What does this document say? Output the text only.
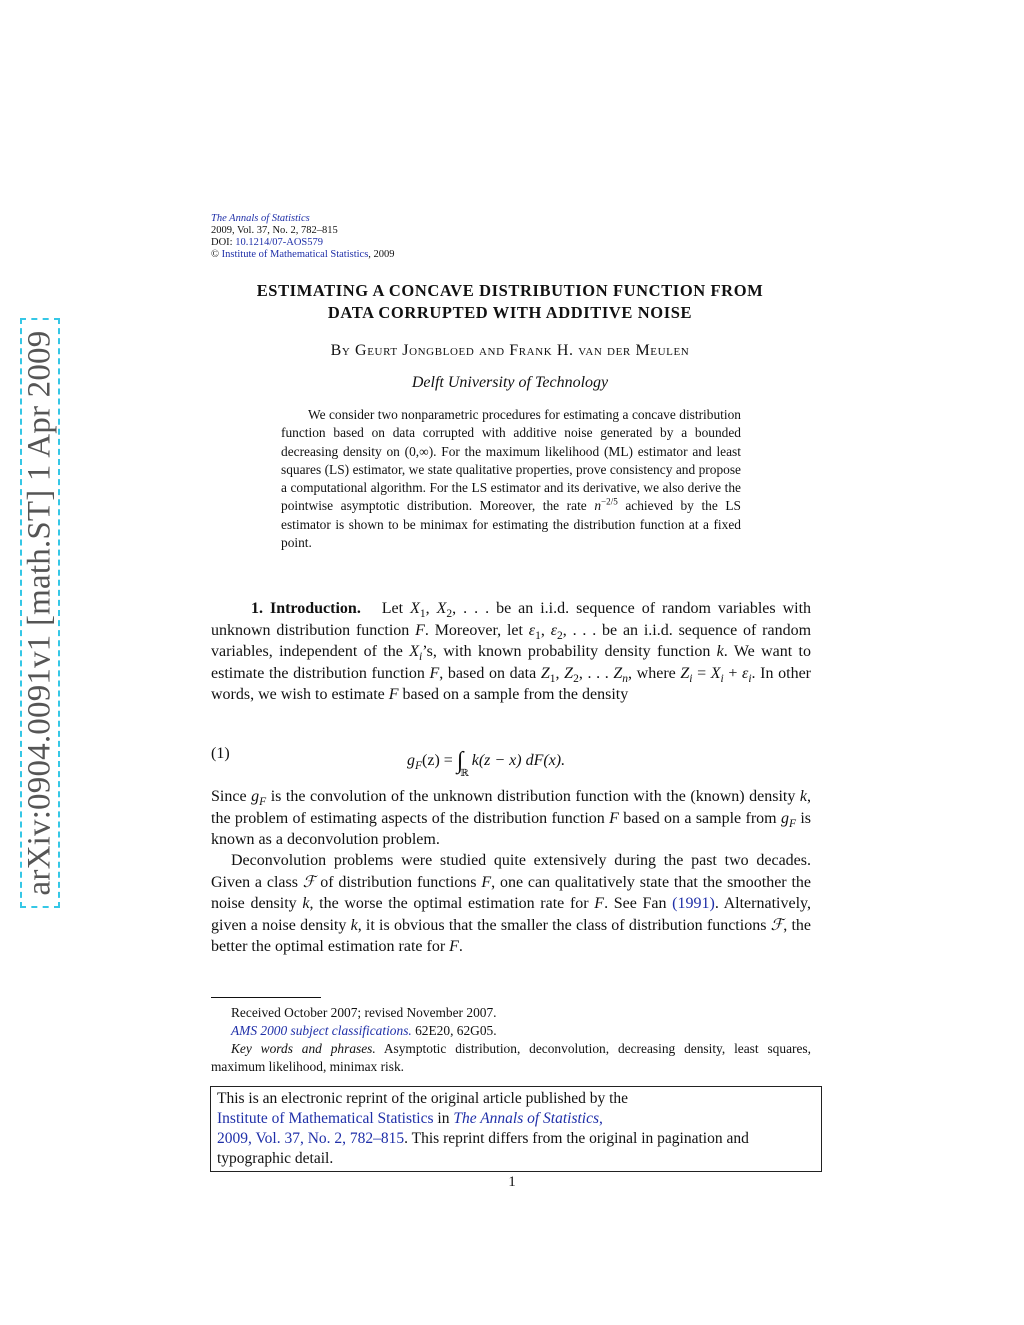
arXiv:0904.0091v1 [math.ST] 1 Apr 2009
The Annals of Statistics
2009, Vol. 37, No. 2, 782–815
DOI: 10.1214/07-AOS579
© Institute of Mathematical Statistics, 2009
ESTIMATING A CONCAVE DISTRIBUTION FUNCTION FROM
DATA CORRUPTED WITH ADDITIVE NOISE
By Geurt Jongbloed and Frank H. van der Meulen
Delft University of Technology
We consider two nonparametric procedures for estimating a concave distribution function based on data corrupted with additive noise generated by a bounded decreasing density on (0,∞). For the maximum likelihood (ML) estimator and least squares (LS) estimator, we state qualitative properties, prove consistency and propose a computational algorithm. For the LS estimator and its derivative, we also derive the pointwise asymptotic distribution. Moreover, the rate $n^{-2/5}$ achieved by the LS estimator is shown to be minimax for estimating the distribution function at a fixed point.
1. Introduction. Let $X_1$, $X_2$, . . . be an i.i.d. sequence of random variables with unknown distribution function F. Moreover, let $\varepsilon_1$, $\varepsilon_2$, . . . be an i.i.d. sequence of random variables, independent of the $X_i’s$, with known probability density function k. We want to estimate the distribution function F, based on data $Z_1$, $Z_2$, . . . $Z_n$, where $Z_i = X_i + \varepsilon_i$. In other words, we wish to estimate F based on a sample from the density
(1)	$g_F(z) = \int_ℝk(z - x)$ dF(x).
Since $g_F$ is the convolution of the unknown distribution function with the (known) density k, the problem of estimating aspects of the distribution function F based on a sample from $g_F$ is known as a deconvolution problem.
Deconvolution problems were studied quite extensively during the past two decades. Given a class ℱ of distribution functions F, one can qualitatively state that the smoother the noise density k, the worse the optimal estimation rate for F. See Fan (1991). Alternatively, given a noise density k, it is obvious that the smaller the class of distribution functions ℱ, the better the optimal estimation rate for F.
Received October 2007; revised November 2007.
AMS 2000 subject classifications. 62E20, 62G05.
Key words and phrases. Asymptotic distribution, deconvolution, decreasing density, least squares, maximum likelihood, minimax risk.
This is an electronic reprint of the original article published by the
Institute of Mathematical Statistics in The Annals of Statistics,
2009, Vol. 37, No. 2, 782–815. This reprint differs from the original in pagination and typographic detail.
1
